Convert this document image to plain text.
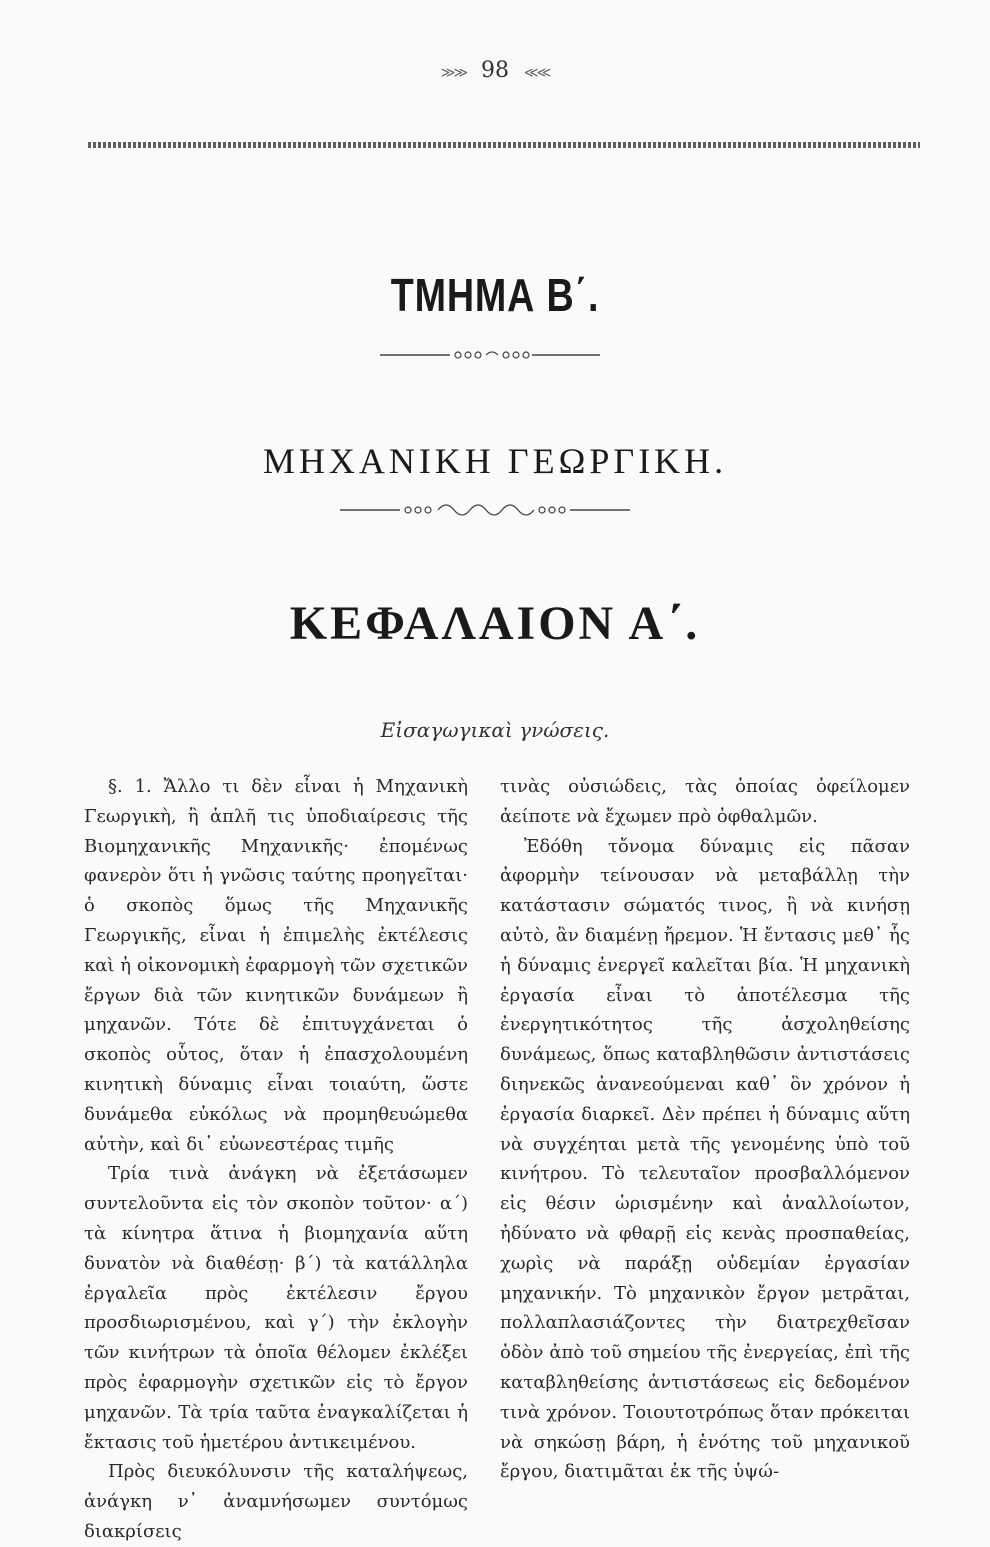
≫≫ 98 ≪≪
ΤΜΗΜΑ Β΄.
ΜΗΧΑΝΙΚΗ ΓΕΩΡΓΙΚΗ.
ΚΕΦΑΛΑΙΟΝ Α΄.
Εἰσαγωγικαὶ γνώσεις.

§. 1. Ἄλλο τι δὲν εἶναι ἡ Μηχανικὴ Γεωργικὴ, ἢ ἁπλῆ τις ὑποδιαίρεσις τῆς Βιομηχανικῆς Μηχανικῆς· ἐπομένως φανερὸν ὅτι ἡ γνῶσις ταύτης προηγεῖται· ὁ σκοπὸς ὅμως τῆς Μηχανικῆς Γεωργικῆς, εἶναι ἡ ἐπιμελὴς ἐκτέλεσις καὶ ἡ οἰκονομικὴ ἐφαρμογὴ τῶν σχετικῶν ἔργων διὰ τῶν κινητικῶν δυνάμεων ἢ μηχανῶν. Τότε δὲ ἐπιτυγχάνεται ὁ σκοπὸς οὗτος, ὅταν ἡ ἐπασχολουμένη κινητικὴ δύναμις εἶναι τοιαύτη, ὥστε δυνάμεθα εὐκόλως νὰ προμηθευώμεθα αὐτὴν, καὶ δι᾽ εὐωνεστέρας τιμῆς

Τρία τινὰ ἀνάγκη νὰ ἐξετάσωμεν συντελοῦντα εἰς τὸν σκοπὸν τοῦτον· α΄) τὰ κίνητρα ἅτινα ἡ βιομηχανία αὕτη δυνατὸν νὰ διαθέσῃ· β΄) τὰ κατάλληλα ἐργαλεῖα πρὸς ἐκτέλεσιν ἔργου προσδιωρισμένου, καὶ γ΄) τὴν ἐκλογὴν τῶν κινήτρων τὰ ὁποῖα θέλομεν ἐκλέξει πρὸς ἐφαρμογὴν σχετικῶν εἰς τὸ ἔργον μηχανῶν. Τὰ τρία ταῦτα ἐναγκαλίζεται ἡ ἔκτασις τοῦ ἡμετέρου ἀντικειμένου.

Πρὸς διευκόλυνσιν τῆς καταλήψεως, ἀνάγκη ν᾽ ἀναμνήσωμεν συντόμως διακρίσεις

τινὰς οὐσιώδεις, τὰς ὁποίας ὀφείλομεν ἀείποτε νὰ ἔχωμεν πρὸ ὀφθαλμῶν.

Ἐδόθη τὄνομα δύναμις εἰς πᾶσαν ἀφορμὴν τείνουσαν νὰ μεταβάλλῃ τὴν κατάστασιν σώματός τινος, ἢ νὰ κινήσῃ αὐτὸ, ἂν διαμένῃ ἤρεμον. Ἡ ἔντασις μεθ᾽ ἧς ἡ δύναμις ἐνεργεῖ καλεῖται βία. Ἡ μηχανικὴ ἐργασία εἶναι τὸ ἀποτέλεσμα τῆς ἐνεργητικότητος τῆς ἀσχοληθείσης δυνάμεως, ὅπως καταβληθῶσιν ἀντιστάσεις διηνεκῶς ἀνανεούμεναι καθ᾽ ὃν χρόνον ἡ ἐργασία διαρκεῖ. Δὲν πρέπει ἡ δύναμις αὕτη νὰ συγχέηται μετὰ τῆς γενομένης ὑπὸ τοῦ κινήτρου. Τὸ τελευταῖον προσβαλλόμενον εἰς θέσιν ὡρισμένην καὶ ἀναλλοίωτον, ἠδύνατο νὰ φθαρῇ εἰς κενὰς προσπαθείας, χωρὶς νὰ παράξῃ οὐδεμίαν ἐργασίαν μηχανικήν. Τὸ μηχανικὸν ἔργον μετρᾶται, πολλαπλασιάζοντες τὴν διατρεχθεῖσαν ὁδὸν ἀπὸ τοῦ σημείου τῆς ἐνεργείας, ἐπὶ τῆς καταβληθείσης ἀντιστάσεως εἰς δεδομένον τινὰ χρόνον. Τοιουτοτρόπως ὅταν πρόκειται νὰ σηκώσῃ βάρη, ἡ ἑνότης τοῦ μηχανικοῦ ἔργου, διατιμᾶται ἐκ τῆς ὑψώ-
